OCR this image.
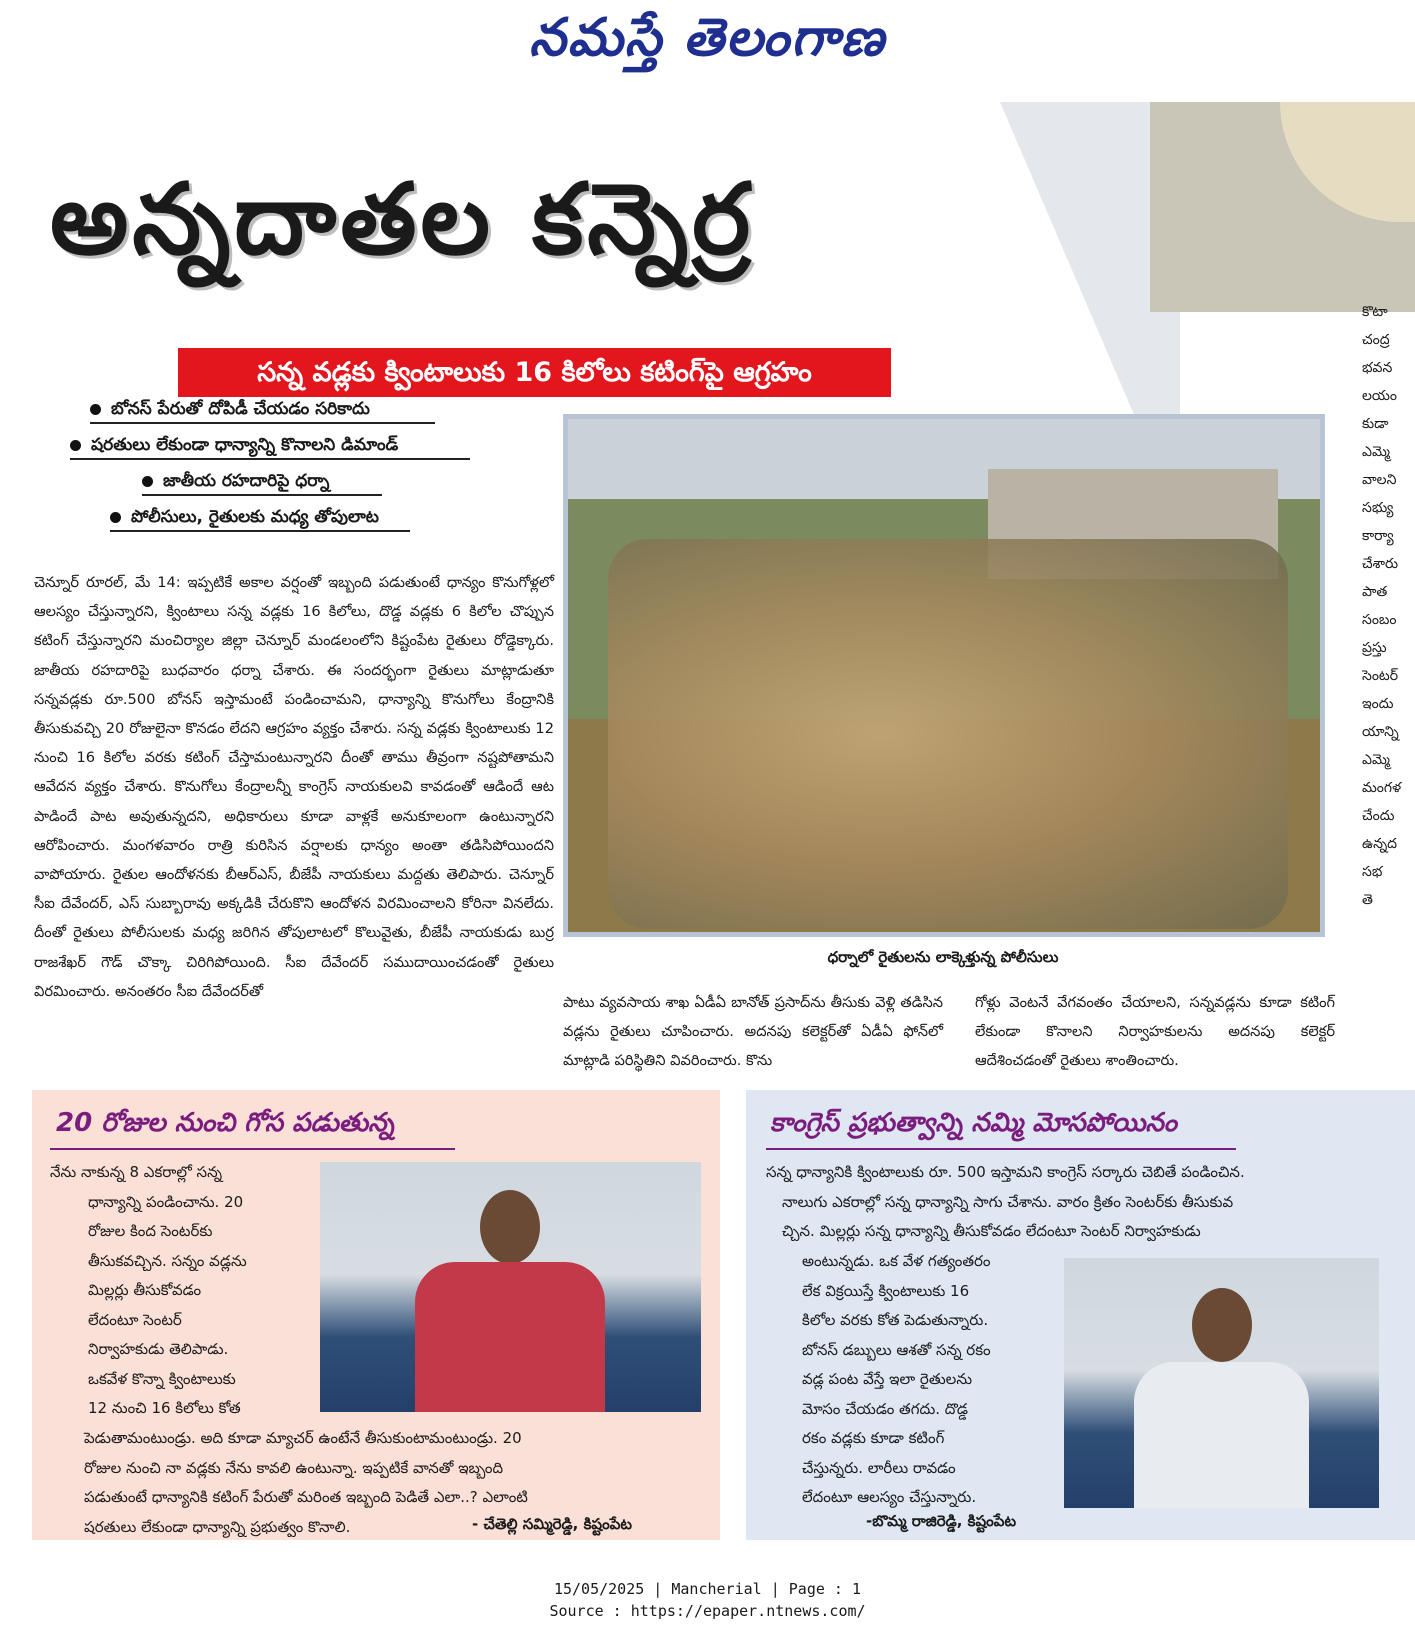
నమస్తే తెలంగాణ
అన్నదాతల కన్నెర్ర
సన్న వడ్లకు క్వింటాలుకు 16 కిలోలు కటింగ్‌పై ఆగ్రహం
బోనస్ పేరుతో దోపిడీ చేయడం సరికాదు
షరతులు లేకుండా ధాన్యాన్ని కొనాలని డిమాండ్
జాతీయ రహదారిపై ధర్నా
పోలీసులు, రైతులకు మధ్య తోపులాట
చెన్నూర్ రూరల్, మే 14: ఇప్పటికే అకాల వర్షంతో ఇబ్బంది పడుతుంటే ధాన్యం కొనుగోళ్లలో ఆలస్యం చేస్తున్నారని, క్వింటాలు సన్న వడ్లకు 16 కిలోలు, దొడ్డ వడ్లకు 6 కిలోల చొప్పున కటింగ్ చేస్తున్నారని మంచిర్యాల జిల్లా చెన్నూర్ మండలంలోని కిష్టంపేట రైతులు రోడ్డెక్కారు. జాతీయ రహదారిపై బుధవారం ధర్నా చేశారు. ఈ సందర్భంగా రైతులు మాట్లాడుతూ సన్నవడ్లకు రూ.500 బోనస్ ఇస్తామంటే పండించామని, ధాన్యాన్ని కొనుగోలు కేంద్రానికి తీసుకువచ్చి 20 రోజులైనా కొనడం లేదని ఆగ్రహం వ్యక్తం చేశారు. సన్న వడ్లకు క్వింటాలుకు 12 నుంచి 16 కిలోల వరకు కటింగ్ చేస్తామంటున్నారని దీంతో తాము తీవ్రంగా నష్టపోతామని ఆవేదన వ్యక్తం చేశారు. కొనుగోలు కేంద్రాలన్నీ కాంగ్రెస్ నాయకులవి కావడంతో ఆడిందే ఆట పాడిందే పాట అవుతున్నదని, అధికారులు కూడా వాళ్లకే అనుకూలంగా ఉంటున్నారని ఆరోపించారు. మంగళవారం రాత్రి కురిసిన వర్షాలకు ధాన్యం అంతా తడిసిపోయిందని వాపోయారు. రైతుల ఆందోళనకు బీఆర్ఎస్, బీజేపీ నాయకులు మద్దతు తెలిపారు. చెన్నూర్ సీఐ దేవేందర్, ఎస్ సుబ్బారావు అక్కడికి చేరుకొని ఆందోళన విరమించాలని కోరినా వినలేదు. దీంతో రైతులు పోలీసులకు మధ్య జరిగిన తోపులాటలో కొలువైతు, బీజేపీ నాయకుడు బుర్ర రాజశేఖర్ గౌడ్ చొక్కా చిరిగిపోయింది. సీఐ దేవేందర్ సముదాయించడంతో రైతులు విరమించారు. అనంతరం సీఐ దేవేందర్‌తో
ధర్నాలో రైతులను లాక్కెళ్తున్న పోలీసులు
పాటు వ్యవసాయ శాఖ ఏడీఏ బానోత్ ప్రసాద్‌ను తీసుకు వెళ్లి తడిసిన వడ్లను రైతులు చూపించారు. అదనపు కలెక్టర్‌తో ఏడీఏ ఫోన్‌లో మాట్లాడి పరిస్థితిని వివరించారు. కొను
గోళ్లు వెంటనే వేగవంతం చేయాలని, సన్నవడ్లను కూడా కటింగ్ లేకుండా కొనాలని నిర్వాహకులను అదనపు కలెక్టర్ ఆదేశించడంతో రైతులు శాంతించారు.
కొటా
చంద్ర
భవన
లయం
కుడా
ఎమ్మె
వాలని
సభ్యు
కార్యా
చేశారు
పాత
సంబం
ప్రస్తు
సెంటర్
ఇందు
యాన్ని
ఎమ్మె
మంగళ
చేందు
ఉన్నద
సభ
తె
20 రోజుల నుంచి గోస పడుతున్న
నేను నాకున్న 8 ఎకరాల్లో సన్న
ధాన్యాన్ని పండించాను. 20
రోజుల కింద సెంటర్‌కు
తీసుకవచ్చిన. సన్నం వడ్లను
మిల్లర్లు తీసుకోవడం
లేదంటూ సెంటర్
నిర్వాహకుడు తెలిపాడు.
ఒకవేళ కొన్నా క్వింటాలుకు
12 నుంచి 16 కిలోలు కోత
పెడుతామంటుండ్రు. అది కూడా మ్యాచర్ ఉంటేనే తీసుకుంటామంటుండ్రు. 20
రోజుల నుంచి నా వడ్లకు నేను కావలి ఉంటున్నా. ఇప్పటికే వానతో ఇబ్బంది
పడుతుంటే ధాన్యానికి కటింగ్ పేరుతో మరింత ఇబ్బంది పెడితే ఎలా..? ఎలాంటి
షరతులు లేకుండా ధాన్యాన్ని ప్రభుత్వం కొనాలి.	- చేతెల్లి సమ్మిరెడ్డి, కిష్టంపేట
కాంగ్రెస్ ప్రభుత్వాన్ని నమ్మి మోసపోయినం
సన్న ధాన్యానికి క్వింటాలుకు రూ. 500 ఇస్తామని కాంగ్రెస్ సర్కారు చెబితే పండించిన.
నాలుగు ఎకరాల్లో సన్న ధాన్యాన్ని సాగు చేశాను. వారం క్రితం సెంటర్‌కు తీసుకువ
చ్చిన. మిల్లర్లు సన్న ధాన్యాన్ని తీసుకోవడం లేదంటూ సెంటర్ నిర్వాహకుడు
అంటున్నడు. ఒక వేళ గత్యంతరం
లేక విక్రయిస్తే క్వింటాలుకు 16
కిలోల వరకు కోత పెడుతున్నారు.
బోనస్ డబ్బులు ఆశతో సన్న రకం
వడ్ల పంట వేస్తే ఇలా రైతులను
మోసం చేయడం తగదు. దొడ్డ
రకం వడ్లకు కూడా కటింగ్
చేస్తున్నరు. లారీలు రావడం
లేదంటూ ఆలస్యం చేస్తున్నారు.
-బొమ్మ రాజిరెడ్డి, కిష్టంపేట
15/05/2025 | Mancherial | Page : 1
Source : https://epaper.ntnews.com/
